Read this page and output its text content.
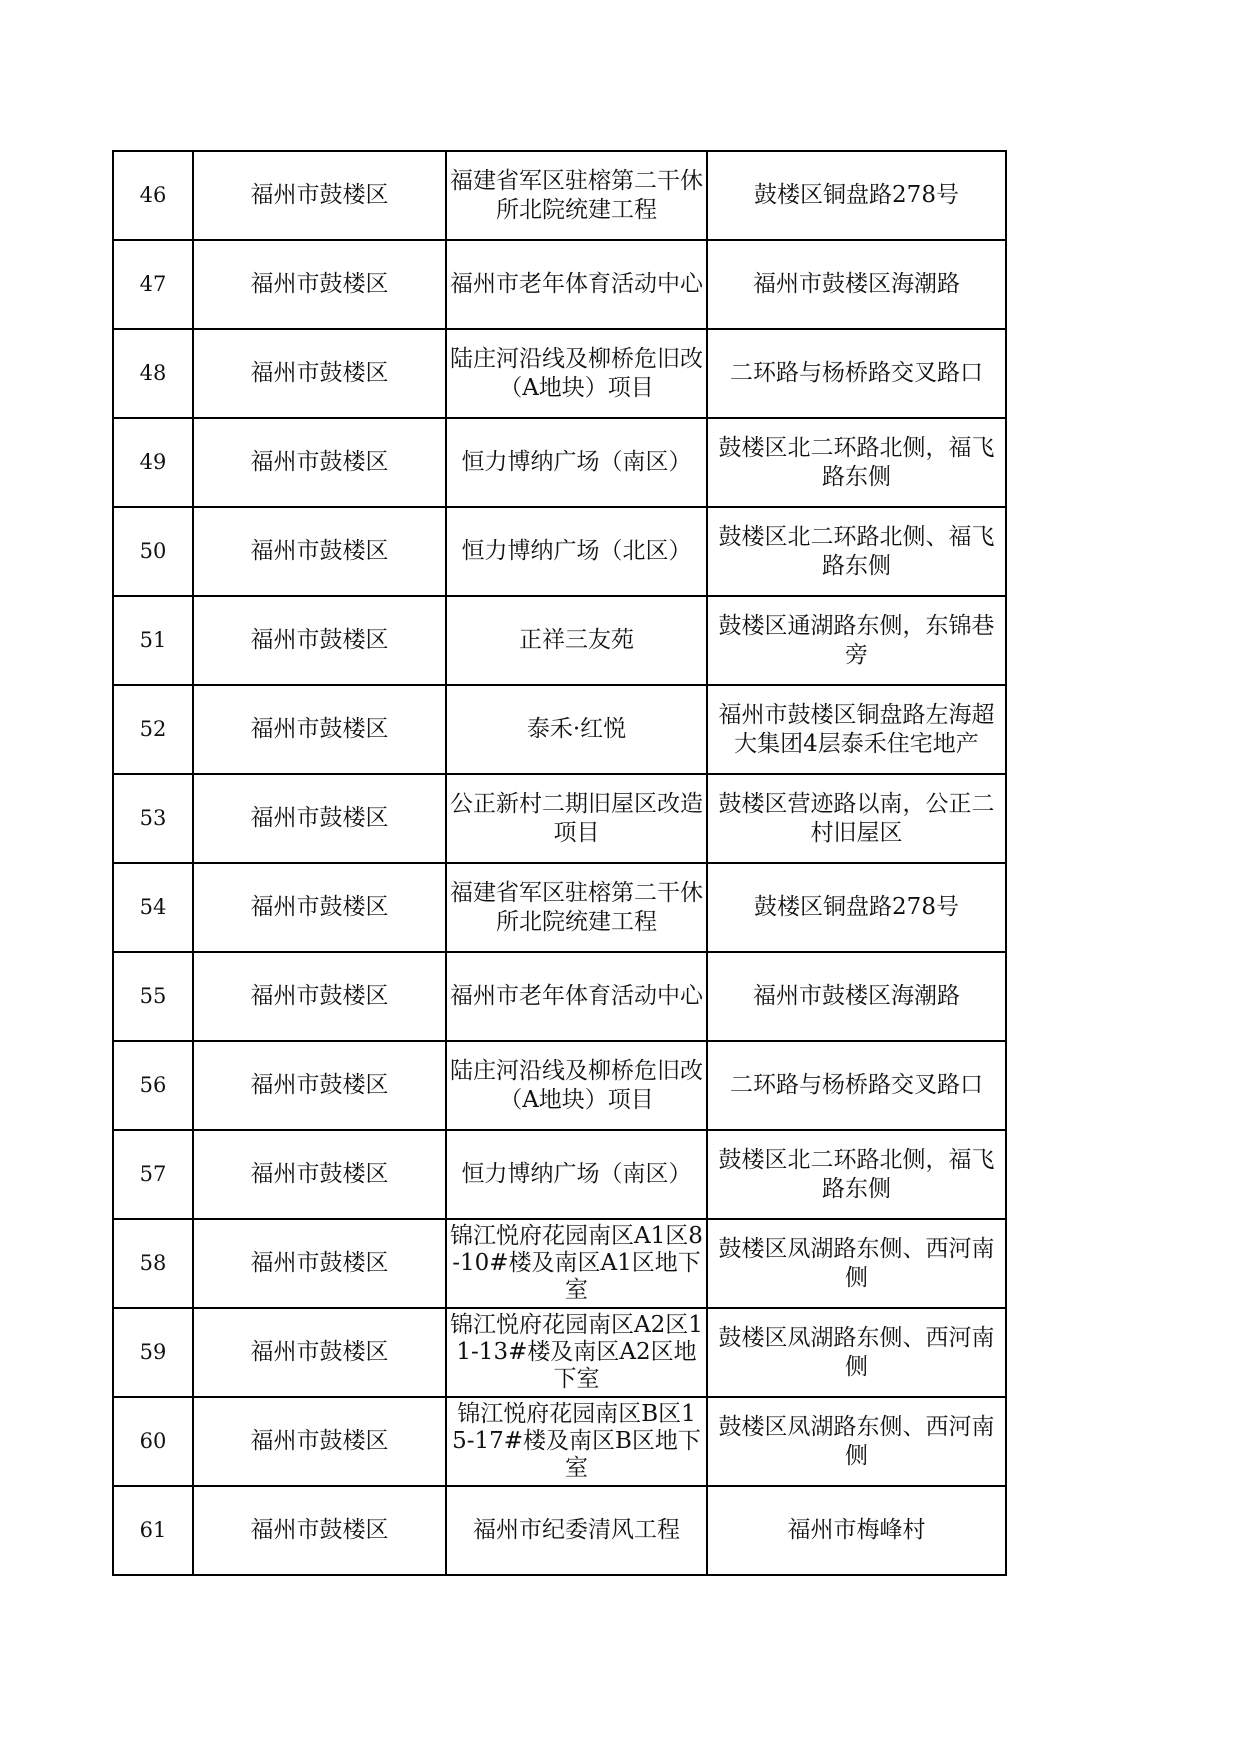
46	福州市鼓楼区	福建省军区驻榕第二干休所北院统建工程	鼓楼区铜盘路278号
47	福州市鼓楼区	福州市老年体育活动中心	福州市鼓楼区海潮路
48	福州市鼓楼区	陆庄河沿线及柳桥危旧改（A地块）项目	二环路与杨桥路交叉路口
49	福州市鼓楼区	恒力博纳广场（南区）	鼓楼区北二环路北侧，福飞路东侧
50	福州市鼓楼区	恒力博纳广场（北区）	鼓楼区北二环路北侧、福飞路东侧
51	福州市鼓楼区	正祥三友苑	鼓楼区通湖路东侧，东锦巷旁
52	福州市鼓楼区	泰禾·红悦	福州市鼓楼区铜盘路左海超大集团4层泰禾住宅地产
53	福州市鼓楼区	公正新村二期旧屋区改造项目	鼓楼区营迹路以南，公正二村旧屋区
54	福州市鼓楼区	福建省军区驻榕第二干休所北院统建工程	鼓楼区铜盘路278号
55	福州市鼓楼区	福州市老年体育活动中心	福州市鼓楼区海潮路
56	福州市鼓楼区	陆庄河沿线及柳桥危旧改（A地块）项目	二环路与杨桥路交叉路口
57	福州市鼓楼区	恒力博纳广场（南区）	鼓楼区北二环路北侧，福飞路东侧
58	福州市鼓楼区	锦江悦府花园南区A1区8-10#楼及南区A1区地下室	鼓楼区凤湖路东侧、西河南侧
59	福州市鼓楼区	锦江悦府花园南区A2区11-13#楼及南区A2区地下室	鼓楼区凤湖路东侧、西河南侧
60	福州市鼓楼区	锦江悦府花园南区B区15-17#楼及南区B区地下室	鼓楼区凤湖路东侧、西河南侧
61	福州市鼓楼区	福州市纪委清风工程	福州市梅峰村
